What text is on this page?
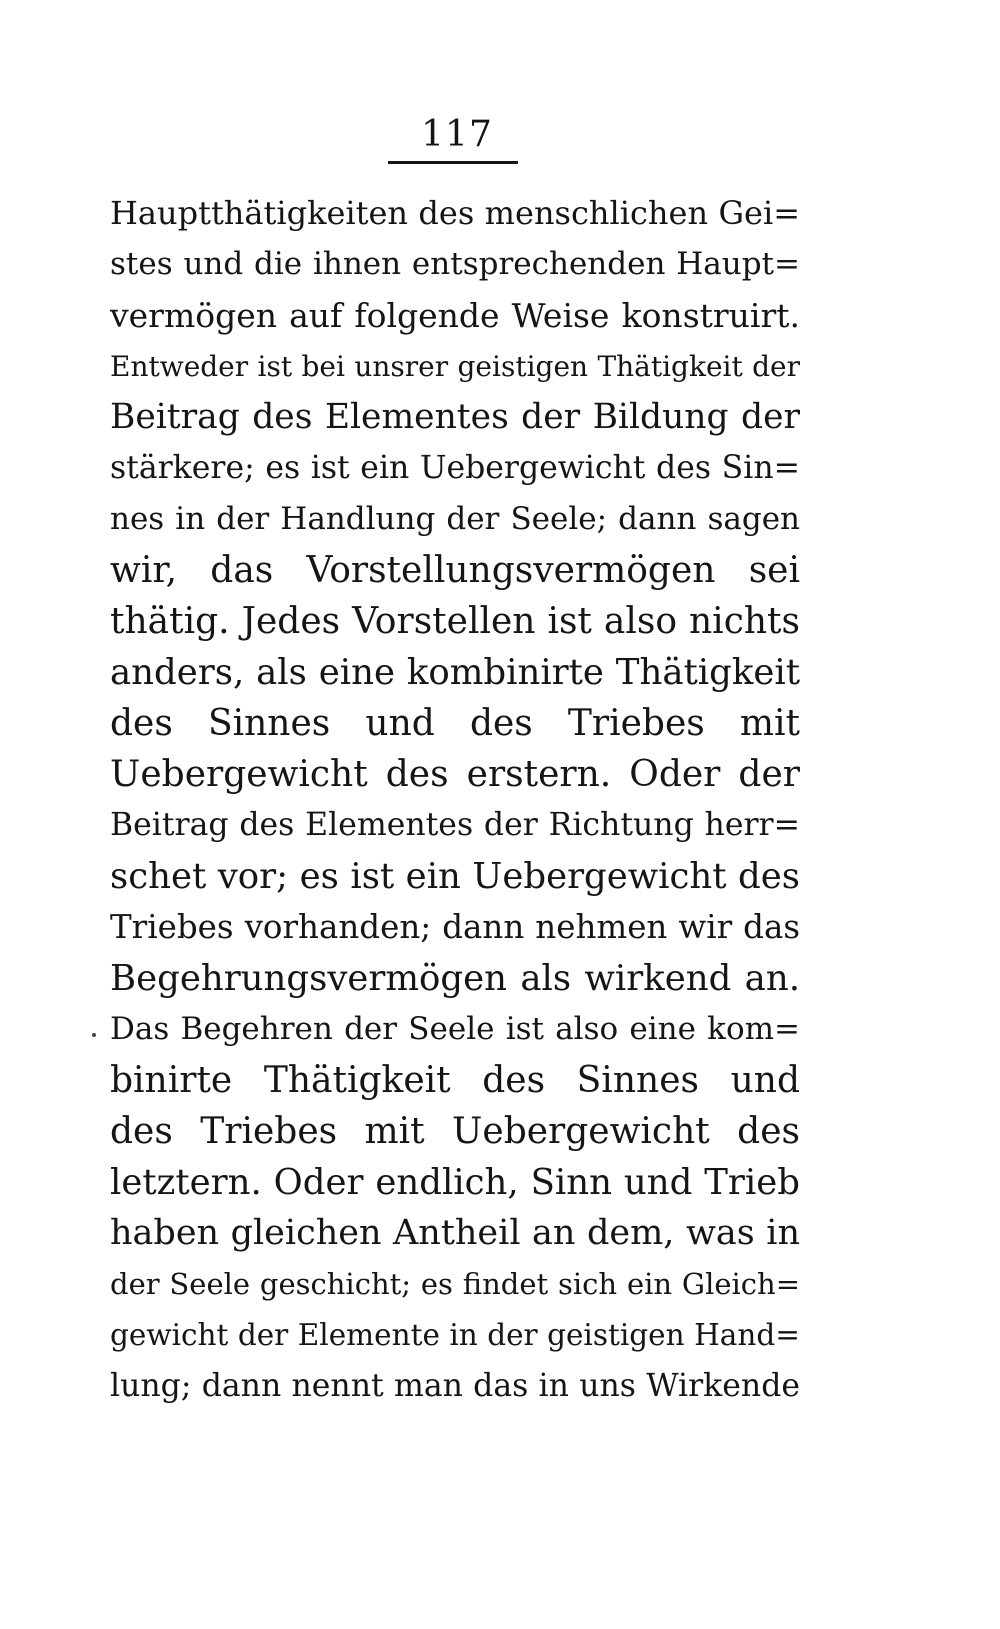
117
Hauptthätigkeiten des menschlichen Gei=
stes und die ihnen entsprechenden Haupt=
vermögen auf folgende Weise konstruirt.
Entweder ist bei unsrer geistigen Thätigkeit der
Beitrag des Elementes der Bildung der
stärkere; es ist ein Uebergewicht des Sin=
nes in der Handlung der Seele; dann sagen
wir, das Vorstellungsvermögen sei
thätig. Jedes Vorstellen ist also nichts
anders, als eine kombinirte Thätigkeit
des Sinnes und des Triebes mit
Uebergewicht des erstern. Oder der
Beitrag des Elementes der Richtung herr=
schet vor; es ist ein Uebergewicht des
Triebes vorhanden; dann nehmen wir das
Begehrungsvermögen als wirkend an.
Das Begehren der Seele ist also eine kom=
binirte Thätigkeit des Sinnes und
des Triebes mit Uebergewicht des
letztern. Oder endlich, Sinn und Trieb
haben gleichen Antheil an dem, was in
der Seele geschicht; es findet sich ein Gleich=
gewicht der Elemente in der geistigen Hand=
lung; dann nennt man das in uns Wirkende
